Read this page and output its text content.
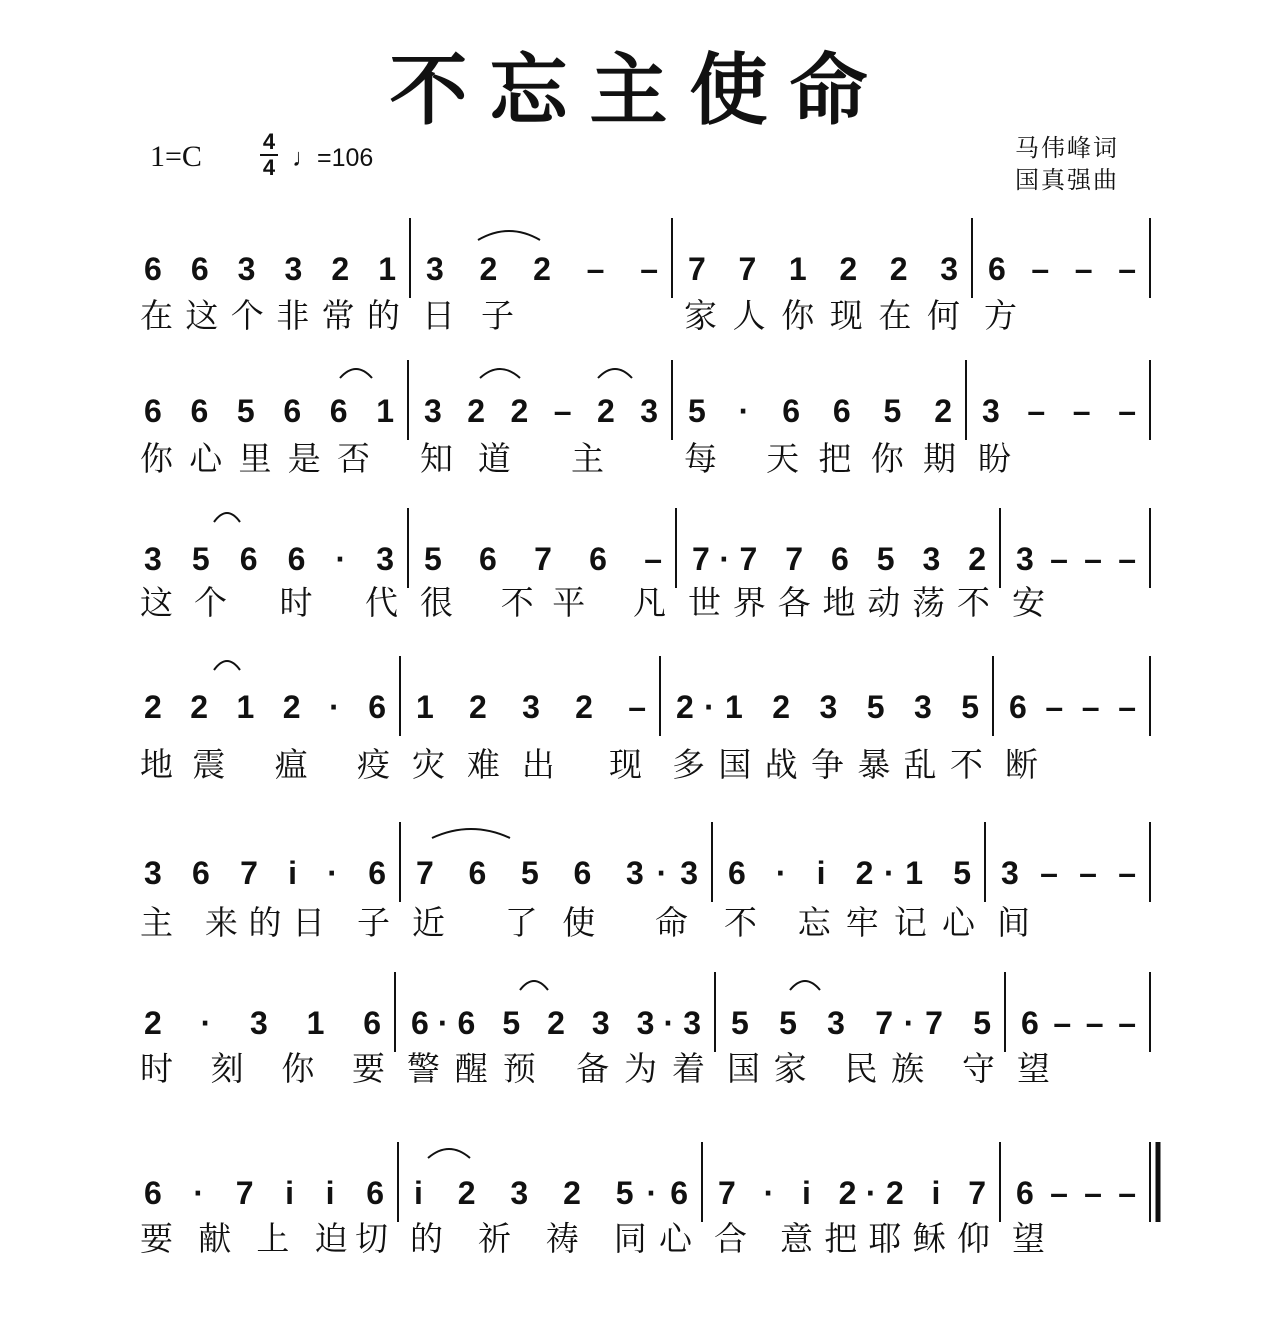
不忘主使命
1=C	4
4 ♩=106	马伟峰词
国真强曲
6 6 3 3 2 1
在这个非常的
3 2 2 – –
日子
7 7 1 2 2 3
家人你现在何
6 – – –
方
6 6 5 6 6 1
你心里是否
3 2 2 – 2 3
知道 主
5 · 6 6 5 2
每 天把你期
3 – – –
盼
3 5 6 6 · 3
这个 时 代
5 6 7 6 –
很 不平 凡
7·7 7 6 5 3 2
世界各地动荡不
3 – – –
安
2 2 1 2 · 6
地震 瘟 疫
1 2 3 2 –
灾难出 现
2·1 2 3 5 3 5
多国战争暴乱不
6 – – –
断
3 6 7 i · 6
主 来的日 子
7 6 5 6 3·3
近 了使 命
6 · i 2·1 5
不 忘牢记心
3 – – –
间
2 · 3 1 6
时 刻 你 要
6·6 5 2 3 3·3
警醒预 备为着
5 5 3 7·7 5
国家 民族 守
6 – – –
望
6 · 7 i i 6
要 献 上 迫切
i 2 3 2 5·6
的 祈 祷 同心
7 · i 2·2 i 7
合 意把耶稣仰
6 – – –
望
